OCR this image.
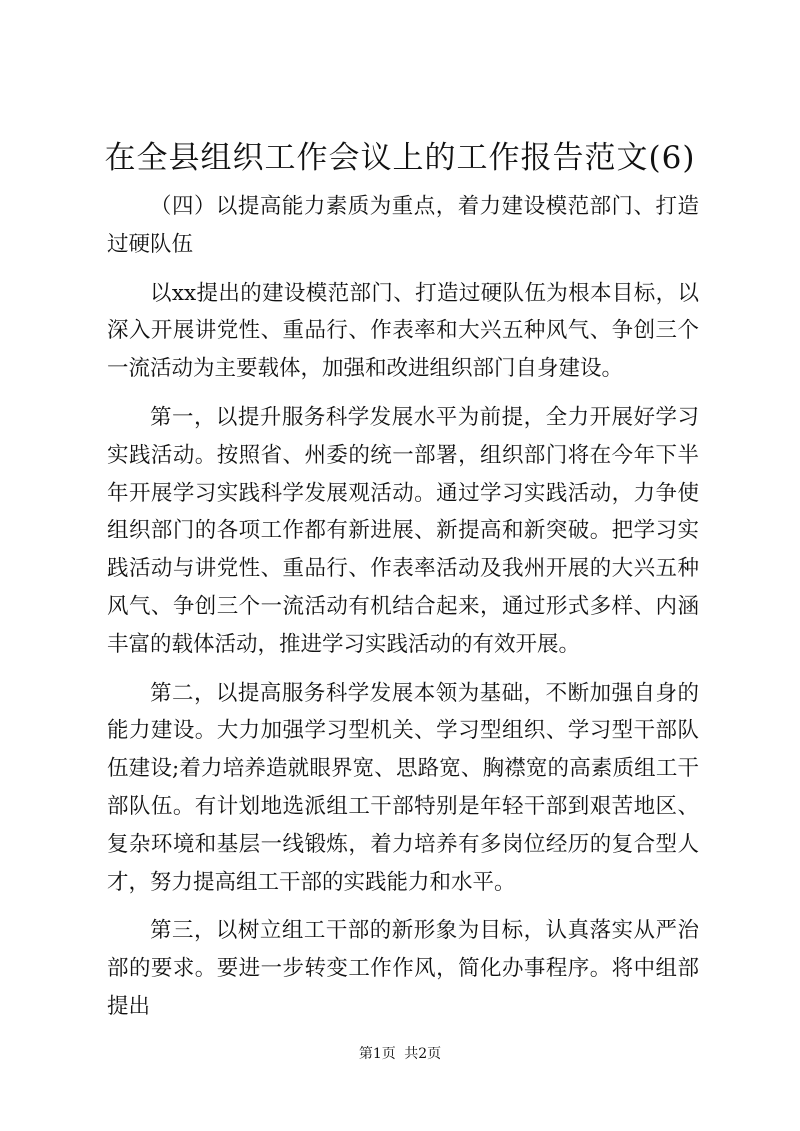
在全县组织工作会议上的工作报告范文(6)

（四）以提高能力素质为重点，着力建设模范部门、打造过硬队伍

以xx提出的建设模范部门、打造过硬队伍为根本目标，以深入开展讲党性、重品行、作表率和大兴五种风气、争创三个一流活动为主要载体，加强和改进组织部门自身建设。

第一，以提升服务科学发展水平为前提，全力开展好学习实践活动。按照省、州委的统一部署，组织部门将在今年下半年开展学习实践科学发展观活动。通过学习实践活动，力争使组织部门的各项工作都有新进展、新提高和新突破。把学习实践活动与讲党性、重品行、作表率活动及我州开展的大兴五种风气、争创三个一流活动有机结合起来，通过形式多样、内涵丰富的载体活动，推进学习实践活动的有效开展。

第二，以提高服务科学发展本领为基础，不断加强自身的能力建设。大力加强学习型机关、学习型组织、学习型干部队伍建设;着力培养造就眼界宽、思路宽、胸襟宽的高素质组工干部队伍。有计划地选派组工干部特别是年轻干部到艰苦地区、复杂环境和基层一线锻炼，着力培养有多岗位经历的复合型人才，努力提高组工干部的实践能力和水平。

第三，以树立组工干部的新形象为目标，认真落实从严治部的要求。要进一步转变工作作风，简化办事程序。将中组部提出

第1页 共2页
